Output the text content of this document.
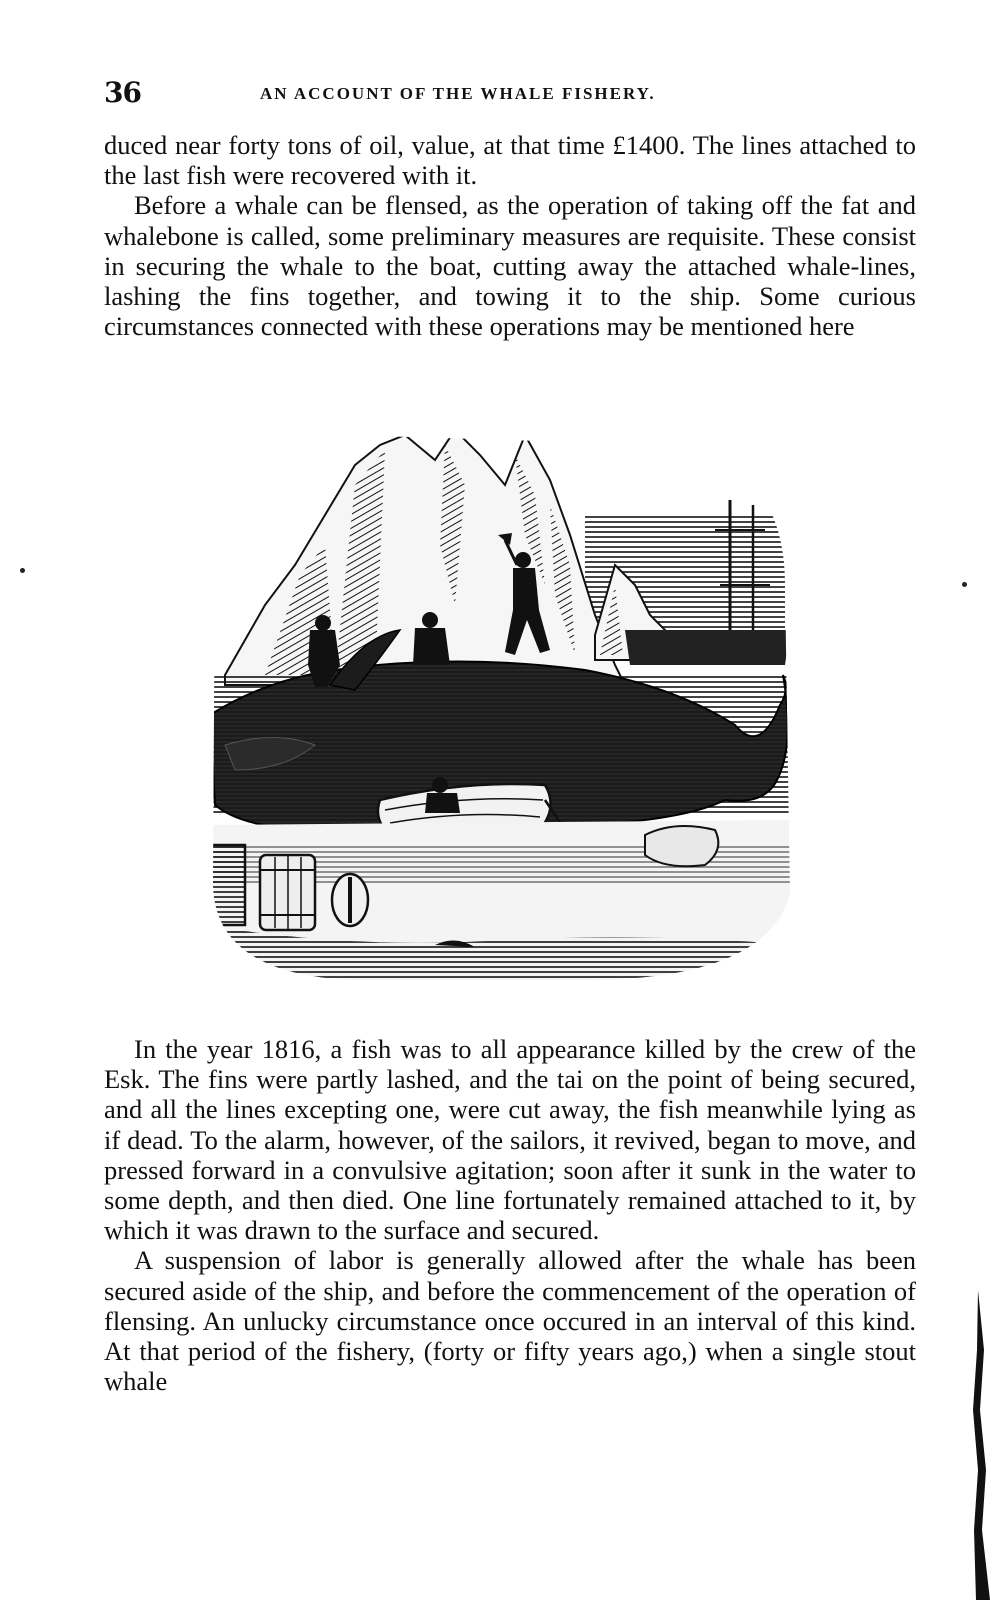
36	AN ACCOUNT OF THE WHALE FISHERY.

duced near forty tons of oil, value, at that time £1400. The lines attached to the last fish were recovered with it.

Before a whale can be flensed, as the operation of taking off the fat and whalebone is called, some preliminary measures are requisite. These consist in securing the whale to the boat, cutting away the attached whale-lines, lashing the fins together, and towing it to the ship. Some curious circumstances connected with these operations may be mentioned here

In the year 1816, a fish was to all appearance killed by the crew of the Esk. The fins were partly lashed, and the tai on the point of being secured, and all the lines excepting one, were cut away, the fish meanwhile lying as if dead. To the alarm, however, of the sailors, it revived, began to move, and pressed forward in a convulsive agitation; soon after it sunk in the water to some depth, and then died. One line fortunately remained attached to it, by which it was drawn to the surface and secured.

A suspension of labor is generally allowed after the whale has been secured aside of the ship, and before the commencement of the operation of flensing. An unlucky circumstance once occured in an interval of this kind. At that period of the fishery, (forty or fifty years ago,) when a single stout whale
